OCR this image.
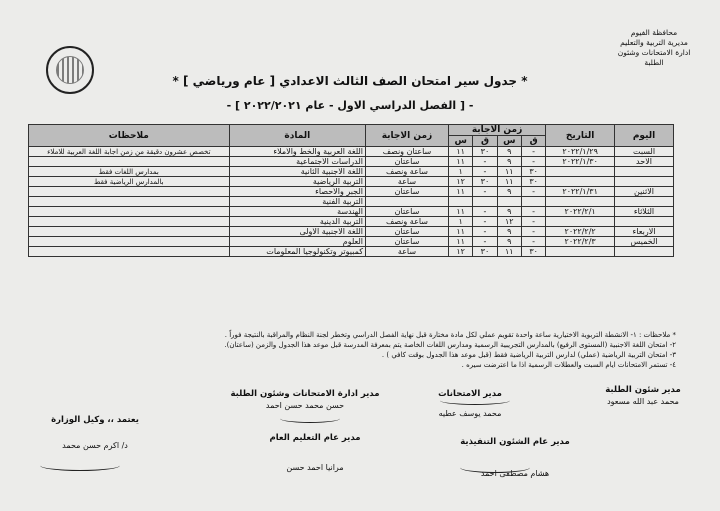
محافظة الفيوم
مديرية التربية والتعليم
ادارة الامتحانات وشئون الطلبة
* جدول سير امتحان الصف الثالث الاعدادي [ عام ورياضي ] *
- [ الفصل الدراسي الاول - عام ٢٠٢٢/٢٠٢١ ] -
اليوم	التاريخ	زمن الاجابة				زمن الاجابة	المادة	ملاحظات
		ق	س	ق	س			
السبت	٢٠٢٢/١/٢٩	-	٩	٣٠	١١	ساعتان ونصف	اللغة العربية والخط والاملاء	تخصص عشرون دقيقة من زمن اجابة اللغة العربية للاملاء
الاحد	٢٠٢٢/١/٣٠	-	٩	-	١١	ساعتان	الدراسات الاجتماعية	
		٣٠	١١	-	١	ساعة ونصف	اللغة الاجنبية الثانية	بمدارس اللغات فقط
		٣٠	١١	٣٠	١٢	ساعة	التربية الرياضية	بالمدارس الرياضية فقط
الاثنين	٢٠٢٢/١/٣١	-	٩	-	١١	ساعتان	الجبر والاحصاء	
							التربية الفنية	
الثلاثاء	٢٠٢٢/٢/١	-	٩	-	١١	ساعتان	الهندسة	
		-	١٢	-	١	ساعة ونصف	التربية الدينية	
الاربعاء	٢٠٢٢/٢/٢	-	٩	-	١١	ساعتان	اللغة الاجنبية الاولى	
الخميس	٢٠٢٢/٢/٣	-	٩	-	١١	ساعتان	العلوم	
		٣٠	١١	٣٠	١٢	ساعة	كمبيوتر وتكنولوجيا المعلومات	
* ملاحظات : ١- الانشطة التربوية الاختيارية ساعة واحدة تقويم عملي لكل مادة مختارة قبل نهاية الفصل الدراسي وتخطر لجنة النظام والمراقبة بالنتيجة فوراً .
٢- امتحان اللغة الاجنبية (المستوى الرفيع) بالمدارس التجريبية الرسمية ومدارس اللغات الخاصة يتم بمعرفة المدرسة قبل موعد هذا الجدول والزمن (ساعتان).
٣- امتحان التربية الرياضية (عملي) لدارس التربية الرياضية فقط (قبل موعد هذا الجدول بوقت كافي ) .
٤- تستمر الامتحانات ايام السبت والعطلات الرسمية اذا ما اعترضت سيره .
مدير شئون الطلبة
محمد عبد الله مسعود
مدير الامتحانات
محمد يوسف عطيه
مدير ادارة الامتحانات وشئون الطلبة
حسن محمد حسن احمد
يعتمد ،، وكيل الوزارة
د/ اكرم حسن محمد
مدير عام التعليم العام
مرانيا احمد حسن
مدير عام الشئون التنفيذية
هشام مصطفى احمد
